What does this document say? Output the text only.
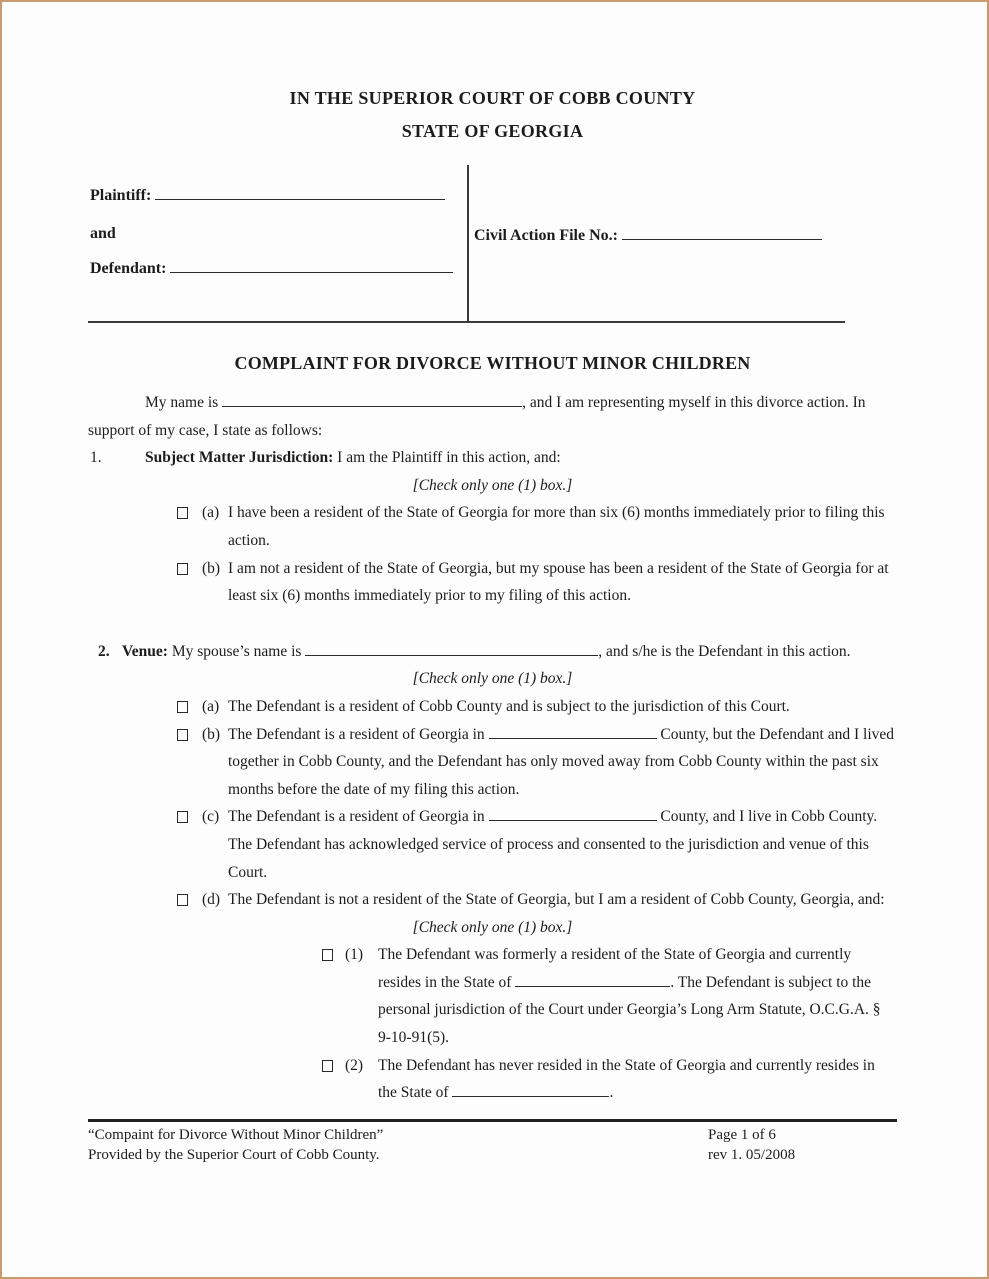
IN THE SUPERIOR COURT OF COBB COUNTY
STATE OF GEORGIA
Plaintiff:
and
Defendant:
Civil Action File No.:
COMPLAINT FOR DIVORCE WITHOUT MINOR CHILDREN

My name is	, and I am representing myself in this divorce action. In support of my case, I state as follows:

1.	Subject Matter Jurisdiction: I am the Plaintiff in this action, and:
[Check only one (1) box.]
(a) I have been a resident of the State of Georgia for more than six (6) months immediately prior to filing this action.
(b) I am not a resident of the State of Georgia, but my spouse has been a resident of the State of Georgia for at least six (6) months immediately prior to my filing of this action.
2. Venue: My spouse’s name is	, and s/he is the Defendant in this action.
[Check only one (1) box.]
(a) The Defendant is a resident of Cobb County and is subject to the jurisdiction of this Court.
(b) The Defendant is a resident of Georgia in	County, but the Defendant and I lived together in Cobb County, and the Defendant has only moved away from Cobb County within the past six months before the date of my filing this action.
(c) The Defendant is a resident of Georgia in	County, and I live in Cobb County. The Defendant has acknowledged service of process and consented to the jurisdiction and venue of this Court.
(d) The Defendant is not a resident of the State of Georgia, but I am a resident of Cobb County, Georgia, and:
[Check only one (1) box.]
(1) The Defendant was formerly a resident of the State of Georgia and currently resides in the State of	. The Defendant is subject to the personal jurisdiction of the Court under Georgia’s Long Arm Statute, O.C.G.A. § 9-10-91(5).
(2) The Defendant has never resided in the State of Georgia and currently resides in the State of	.
“Compaint for Divorce Without Minor Children”
Provided by the Superior Court of Cobb County.
Page 1 of 6
rev 1. 05/2008
